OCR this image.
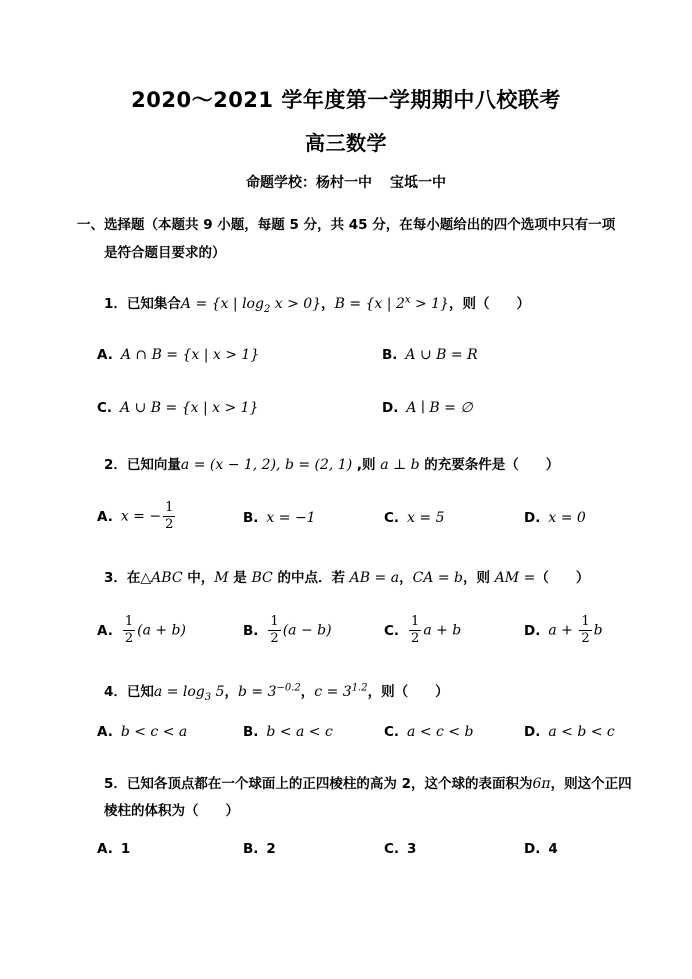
2020～2021 学年度第一学期期中八校联考
高三数学
命题学校：杨村一中 宝坻一中
一、选择题（本题共 9 小题，每题 5 分，共 45 分，在每小题给出的四个选项中只有一项
是符合题目要求的）
1．已知集合A = {x | $\log_2 x > 0$}，B = {x | $2^x > 1$}，则（　　）
A. A ∩ B = {x | x > 1}	B. A ∪ B = R
C. A ∪ B = {x | x > 1}	D. A ∣ B = ∅
2．已知向量a = (x − 1, 2), b = (2, 1) ,则 a ⊥ b 的充要条件是（　　）
A. x = − $\frac{1}{2}$	B. x = −1	C. x = 5	D. x = 0
3．在△ABC 中，M 是 BC 的中点．若 AB = a，CA = b，则 AM =（　　）
A. $\frac{1}{2} (a + b)$	B. $\frac{1}{2} (a - b)$	C. $\frac{1}{2}$ a + b	D. $a + \frac{1}{2}$ b
4．已知$a = \log_3 5$，$b = 3^{-0.2}$，$c = 3^{1.2}$，则（　　）
A. b < c < a	B. b < a < c	C. a < c < b	D. a < b < c
5．已知各顶点都在一个球面上的正四棱柱的高为 2，这个球的表面积为6π，则这个正四
棱柱的体积为（　　）
A. 1	B. 2	C. 3	D. 4
